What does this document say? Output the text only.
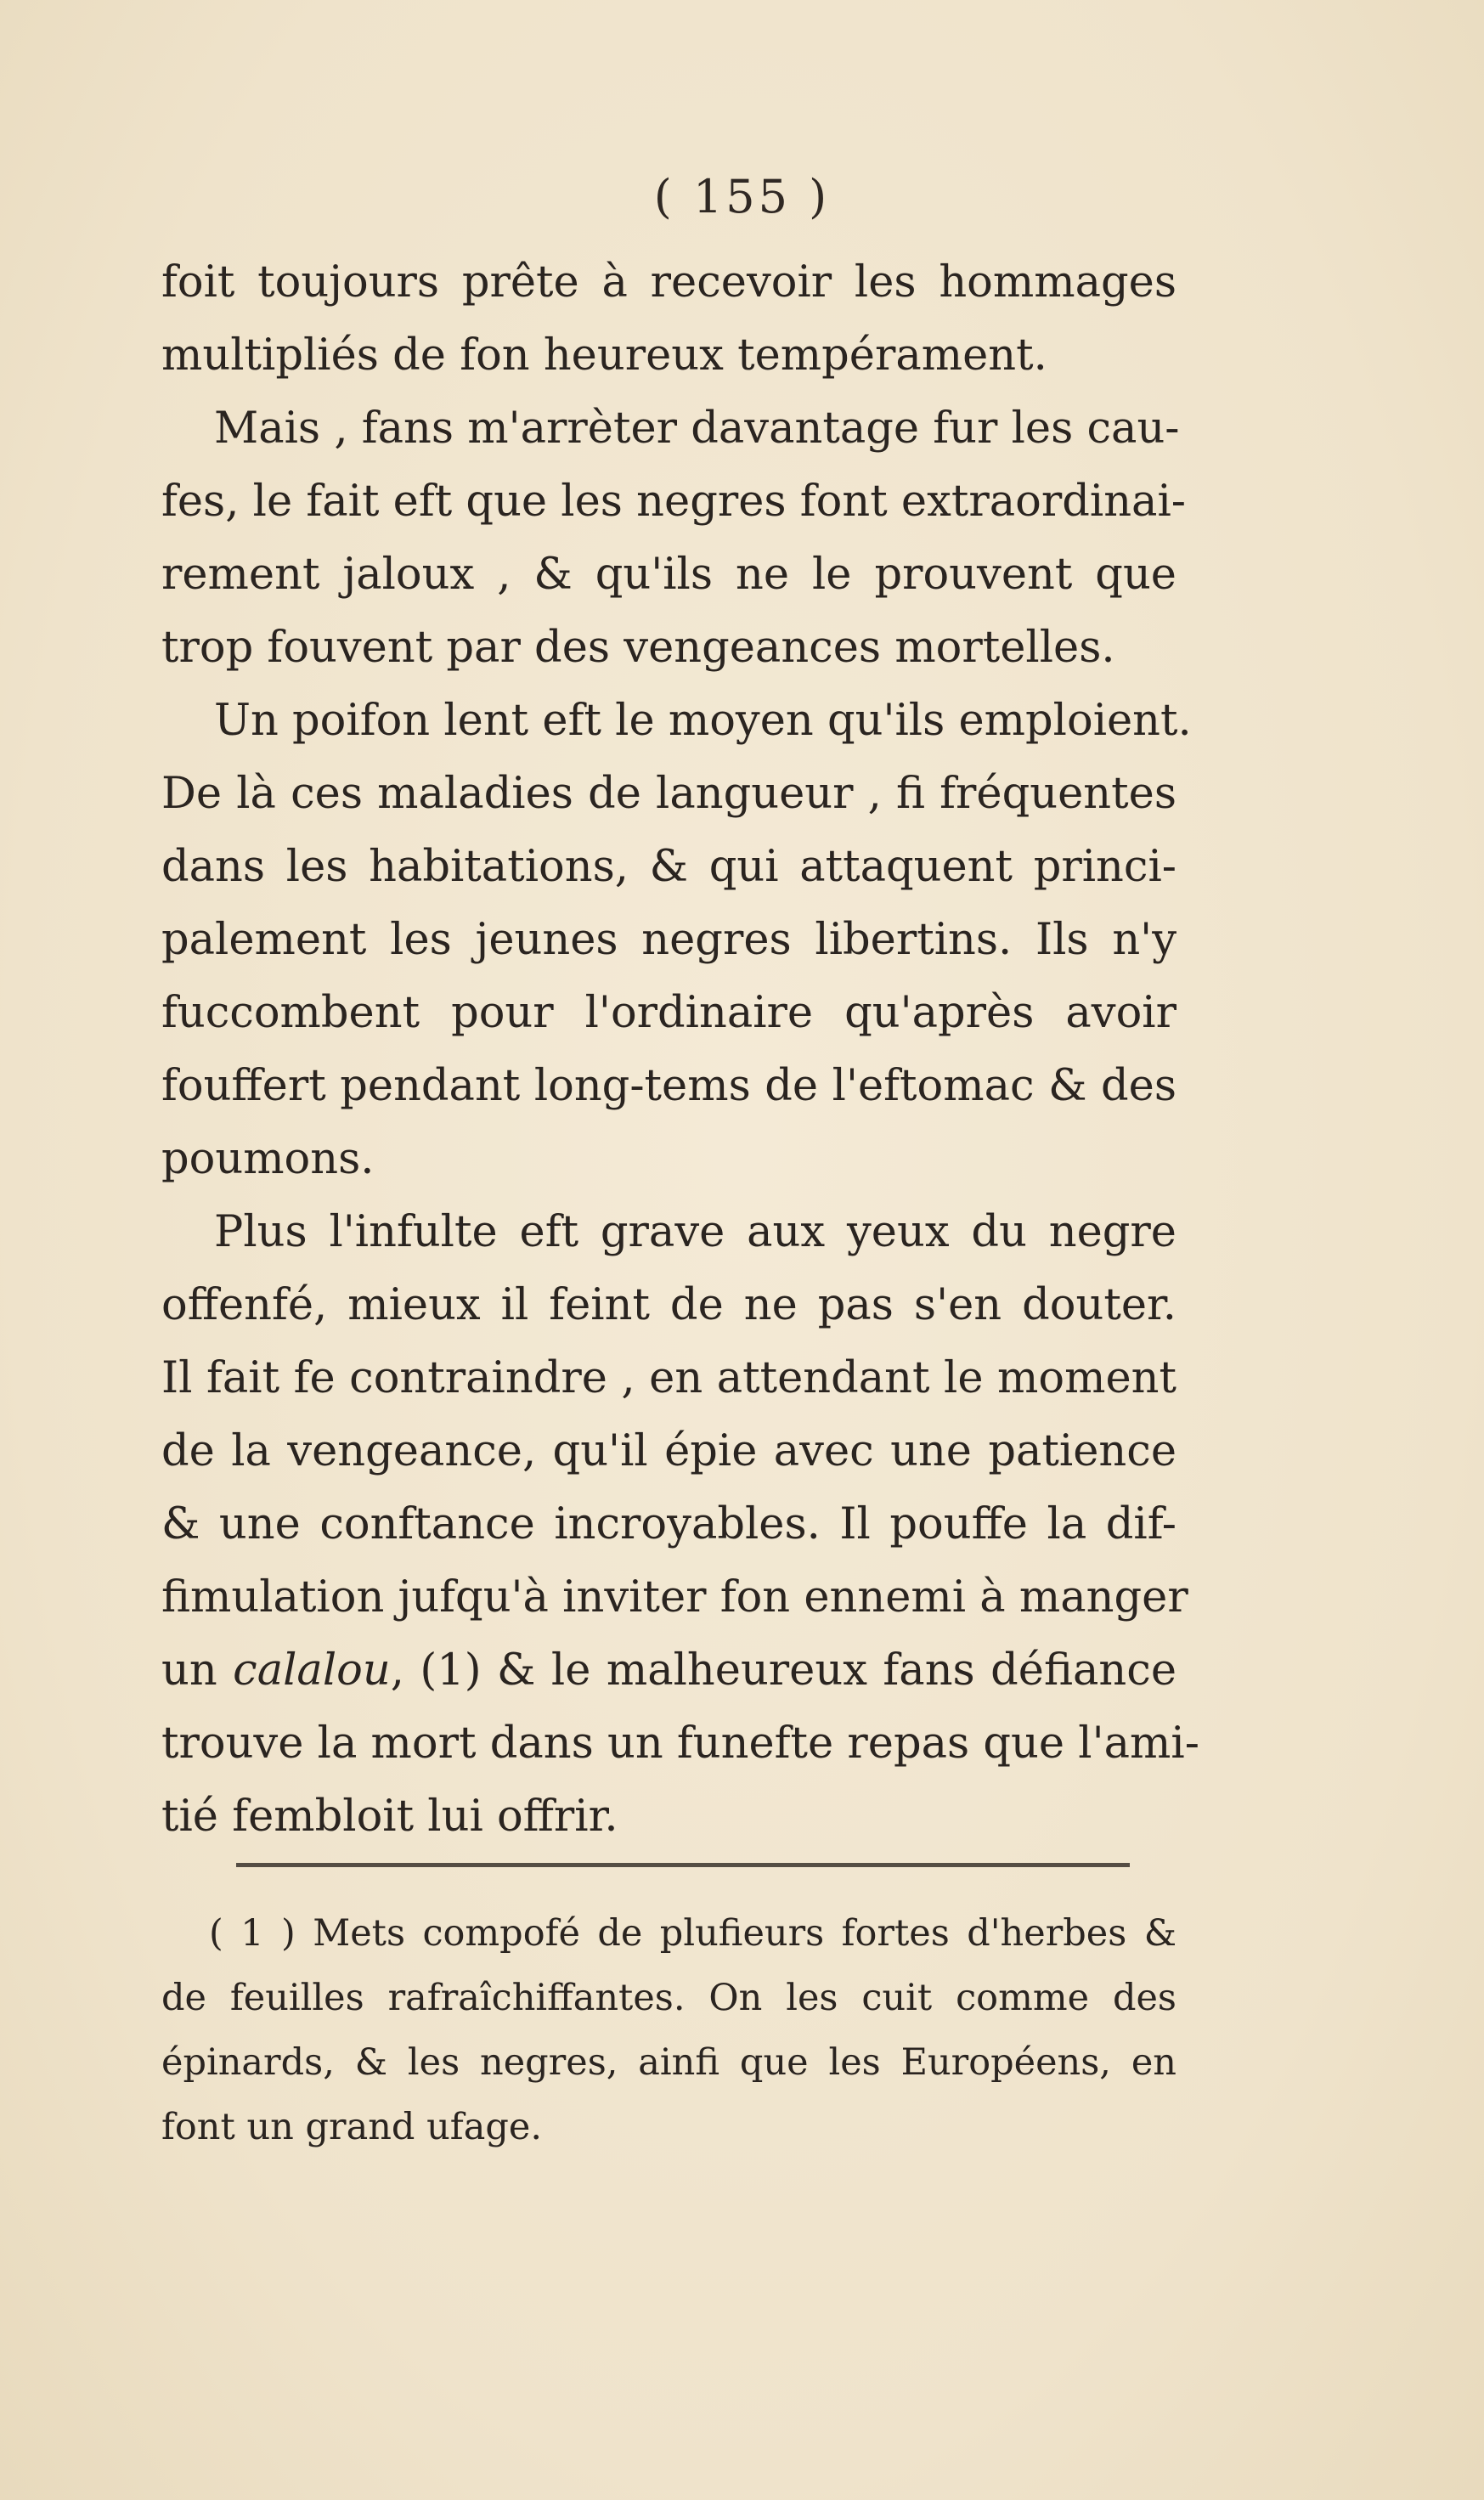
( 155 )
foit toujours prête à recevoir les hommages
multipliés de fon heureux tempérament.
Mais , fans m'arrèter davantage fur les cau-
fes, le fait eft que les negres font extraordinai-
rement jaloux , & qu'ils ne le prouvent que
trop fouvent par des vengeances mortelles.
Un poifon lent eft le moyen qu'ils emploient.
De là ces maladies de langueur , fi fréquentes
dans les habitations, & qui attaquent princi-
palement les jeunes negres libertins. Ils n'y
fuccombent pour l'ordinaire qu'après avoir
fouffert pendant long-tems de l'eftomac & des
poumons.
Plus l'infulte eft grave aux yeux du negre
offenfé, mieux il feint de ne pas s'en douter.
Il fait fe contraindre , en attendant le moment
de la vengeance, qu'il épie avec une patience
& une conftance incroyables. Il pouffe la dif-
fimulation jufqu'à inviter fon ennemi à manger
un calalou, (1) & le malheureux fans défiance
trouve la mort dans un funefte repas que l'ami-
tié fembloit lui offrir.
( 1 ) Mets compofé de plufieurs fortes d'herbes &
de feuilles rafraîchiffantes. On les cuit comme des
épinards, & les negres, ainfi que les Européens, en
font un grand ufage.
